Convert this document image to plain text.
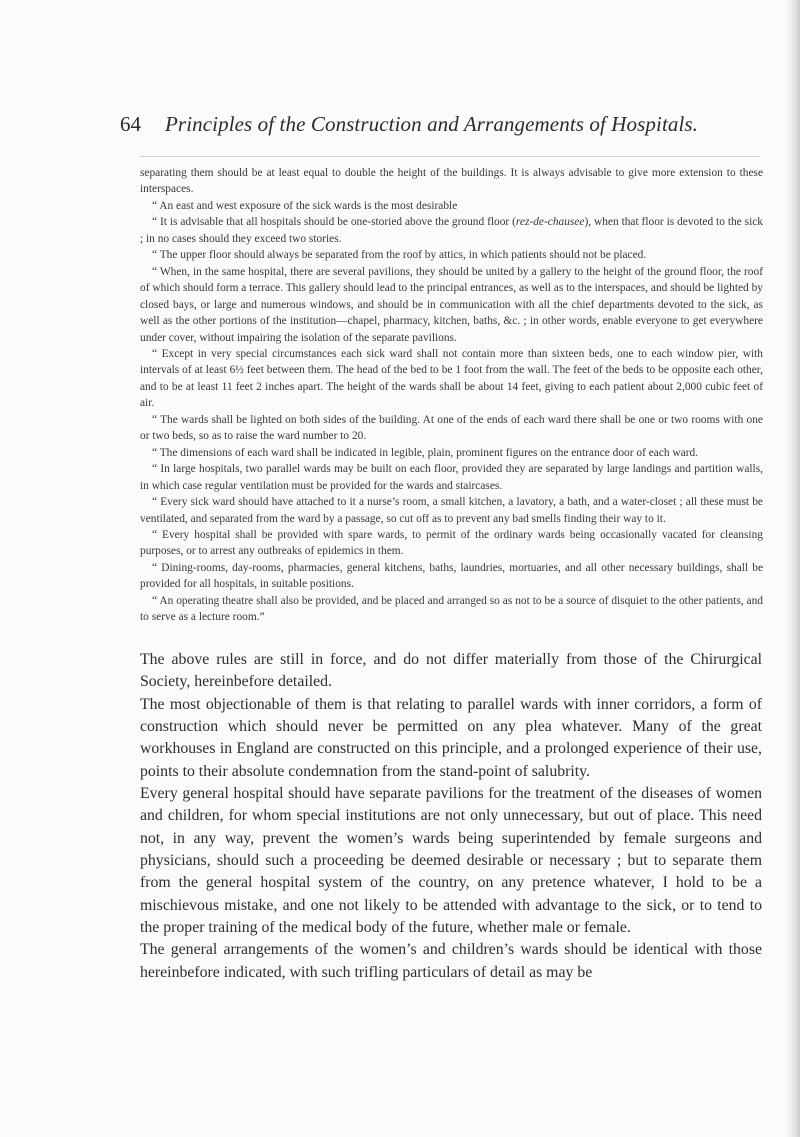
64	Principles of the Construction and Arrangements of Hospitals.

separating them should be at least equal to double the height of the buildings. It is always advisable to give more extension to these interspaces.

“ An east and west exposure of the sick wards is the most desirable

“ It is advisable that all hospitals should be one-storied above the ground floor (rez-de-chausee), when that floor is devoted to the sick ; in no cases should they exceed two stories.

“ The upper floor should always be separated from the roof by attics, in which patients should not be placed.

“ When, in the same hospital, there are several pavilions, they should be united by a gallery to the height of the ground floor, the roof of which should form a terrace. This gallery should lead to the principal entrances, as well as to the interspaces, and should be lighted by closed bays, or large and numerous windows, and should be in communication with all the chief departments devoted to the sick, as well as the other portions of the institution—chapel, pharmacy, kitchen, baths, &c. ; in other words, enable everyone to get everywhere under cover, without impairing the isolation of the separate pavilions.

“ Except in very special circumstances each sick ward shall not contain more than sixteen beds, one to each window pier, with intervals of at least 6½ feet between them. The head of the bed to be 1 foot from the wall. The feet of the beds to be opposite each other, and to be at least 11 feet 2 inches apart. The height of the wards shall be about 14 feet, giving to each patient about 2,000 cubic feet of air.

“ The wards shall be lighted on both sides of the building. At one of the ends of each ward there shall be one or two rooms with one or two beds, so as to raise the ward number to 20.

“ The dimensions of each ward shall be indicated in legible, plain, prominent figures on the entrance door of each ward.

“ In large hospitals, two parallel wards may be built on each floor, provided they are separated by large landings and partition walls, in which case regular ventilation must be provided for the wards and staircases.

“ Every sick ward should have attached to it a nurse’s room, a small kitchen, a lavatory, a bath, and a water-closet ; all these must be ventilated, and separated from the ward by a passage, so cut off as to prevent any bad smells finding their way to it.

“ Every hospital shall be provided with spare wards, to permit of the ordinary wards being occasionally vacated for cleansing purposes, or to arrest any outbreaks of epidemics in them.

“ Dining-rooms, day-rooms, pharmacies, general kitchens, baths, laundries, mortuaries, and all other necessary buildings, shall be provided for all hospitals, in suitable positions.

“ An operating theatre shall also be provided, and be placed and arranged so as not to be a source of disquiet to the other patients, and to serve as a lecture room.”

The above rules are still in force, and do not differ materially from those of the Chirurgical Society, hereinbefore detailed.

The most objectionable of them is that relating to parallel wards with inner corridors, a form of construction which should never be permitted on any plea whatever. Many of the great workhouses in England are constructed on this principle, and a prolonged experience of their use, points to their absolute condemnation from the stand-point of salubrity.

Every general hospital should have separate pavilions for the treatment of the diseases of women and children, for whom special institutions are not only unnecessary, but out of place. This need not, in any way, prevent the women’s wards being superintended by female surgeons and physicians, should such a proceeding be deemed desirable or necessary ; but to separate them from the general hospital system of the country, on any pretence whatever, I hold to be a mischievous mistake, and one not likely to be attended with advantage to the sick, or to tend to the proper training of the medical body of the future, whether male or female.

The general arrangements of the women’s and children’s wards should be identical with those hereinbefore indicated, with such trifling particulars of detail as may be
